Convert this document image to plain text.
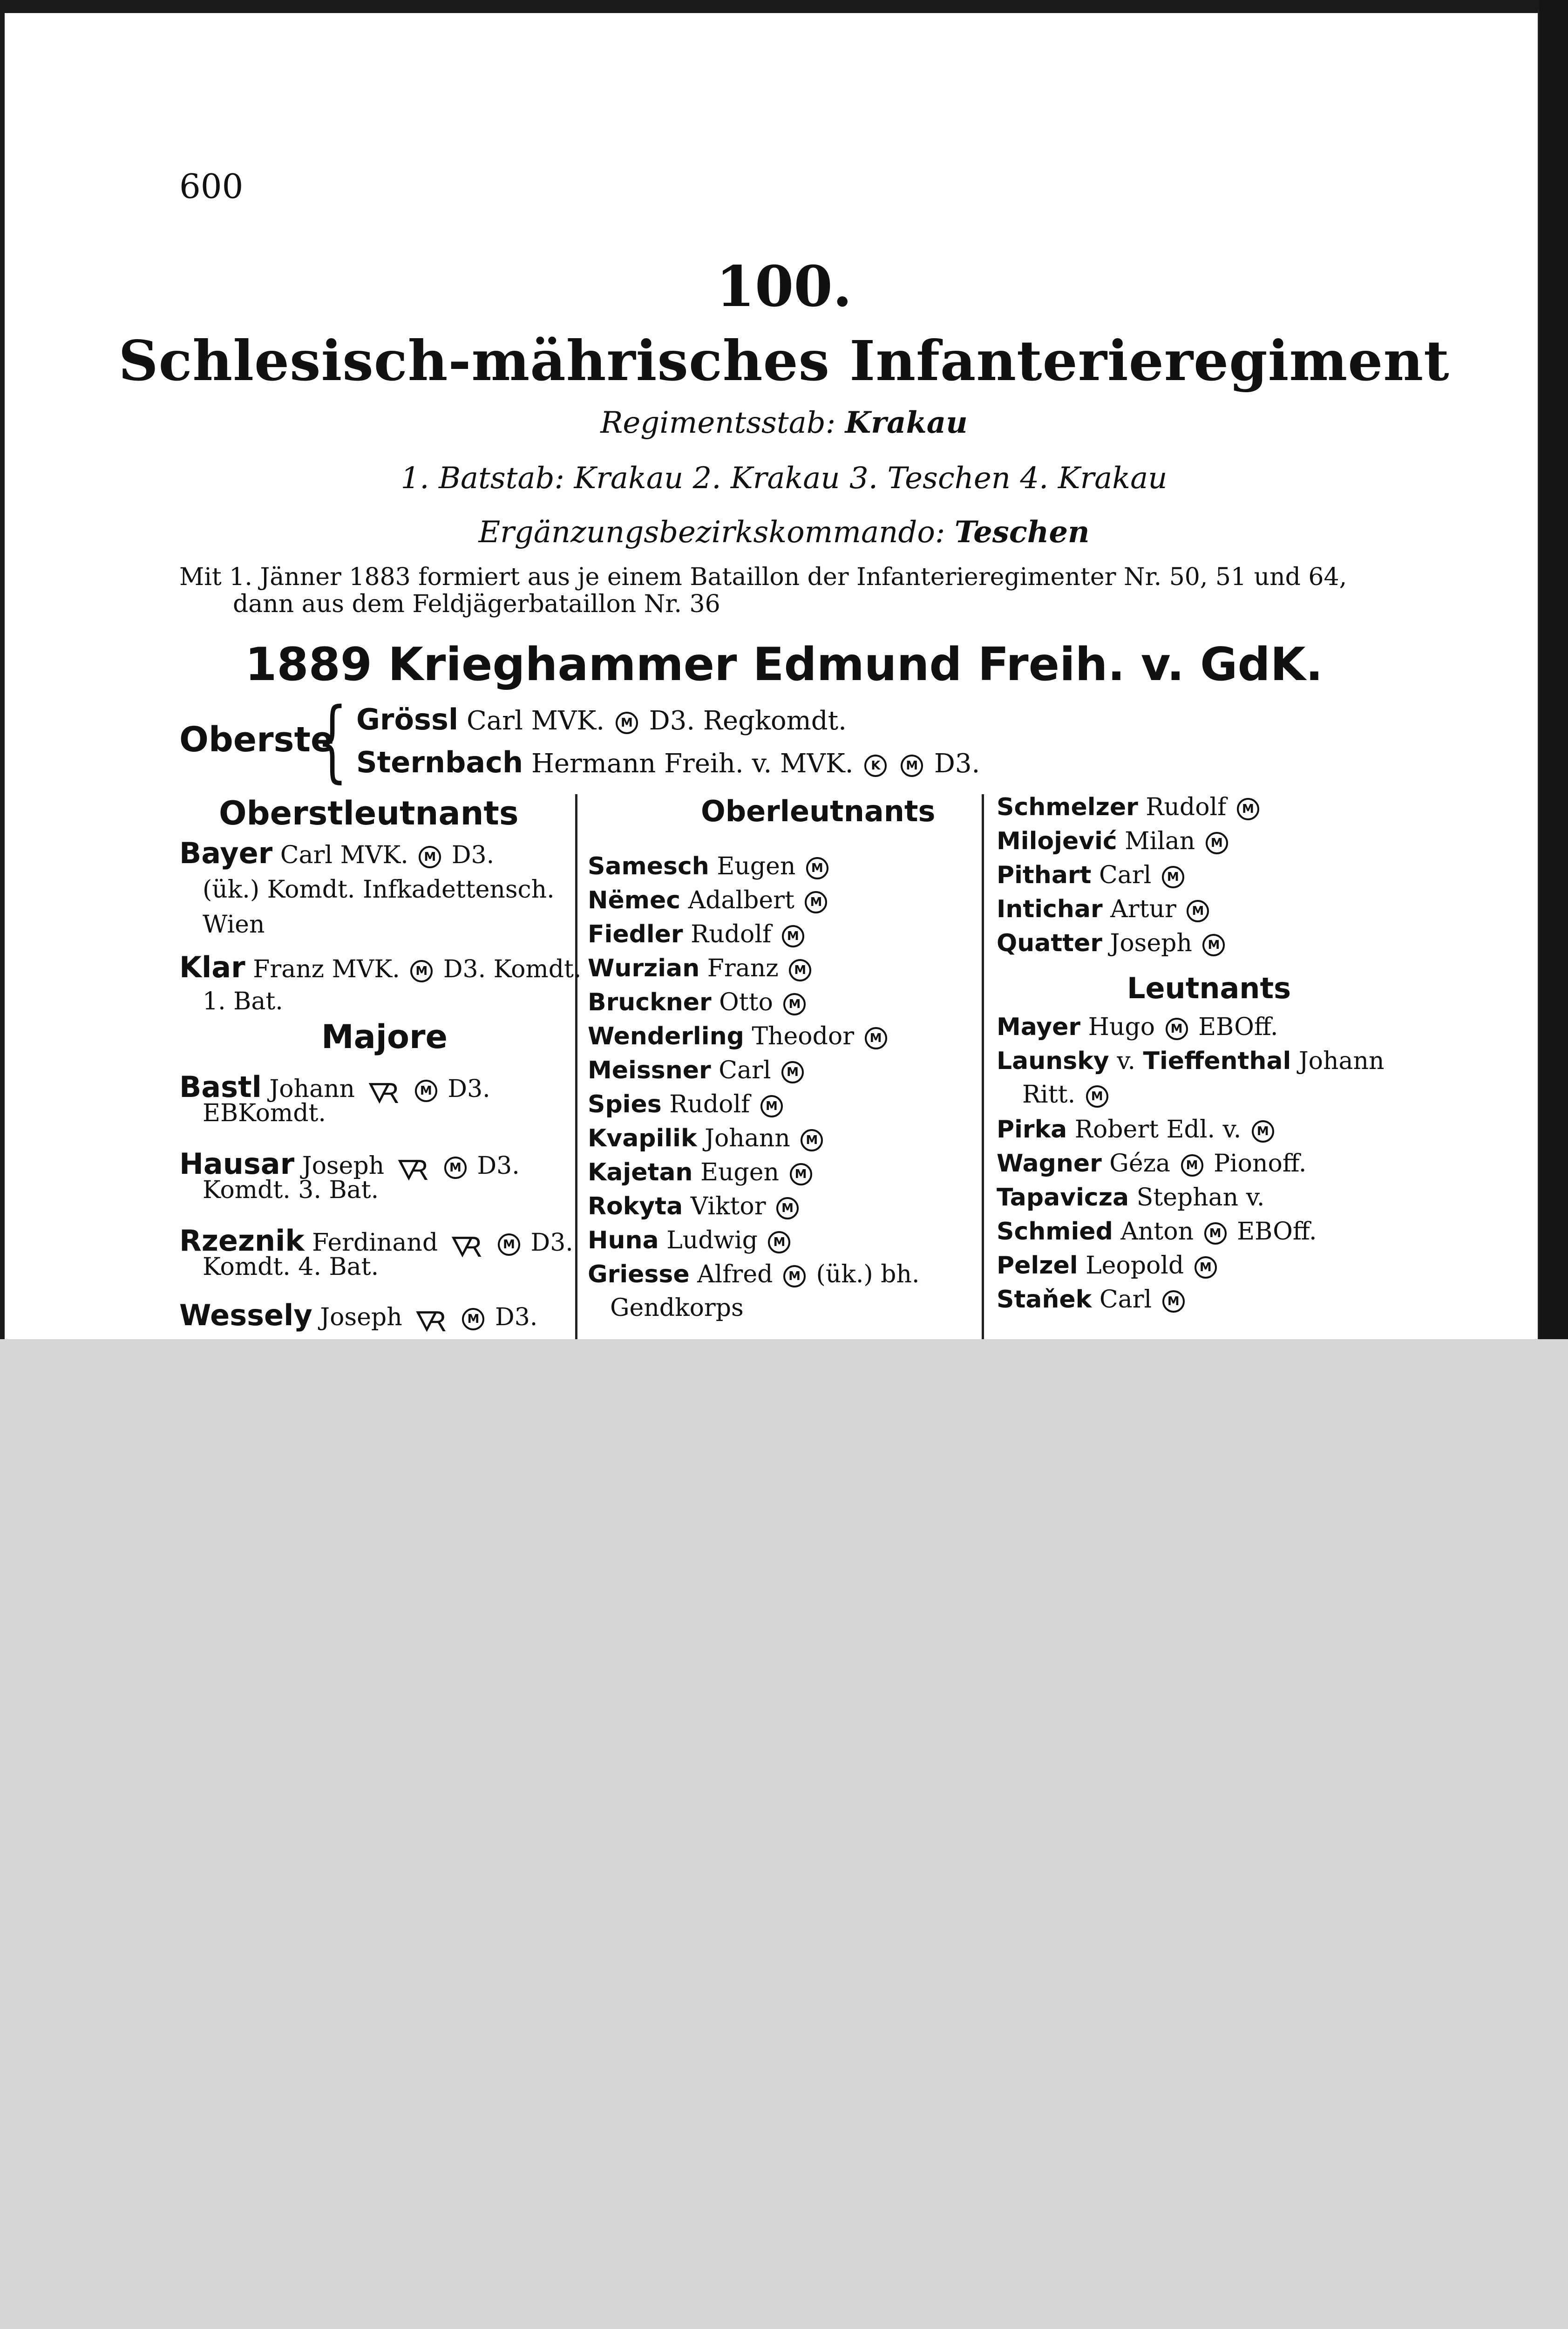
600
100.
Schlesisch-mährisches Infanterieregiment
Regimentsstab: Krakau
1. Batstab: Krakau 2. Krakau 3. Teschen 4. Krakau
Ergänzungsbezirkskommando: Teschen
Mit 1. Jänner 1883 formiert aus je einem Bataillon der Infanterieregimenter Nr. 50, 51 und 64,
dann aus dem Feldjägerbataillon Nr. 36
1889 Krieghammer Edmund Freih. v. GdK.
Oberste
{ Grössl Carl MVK. M D3. Regkomdt.
Sternbach Hermann Freih. v. MVK. K M D3.
Oberstleutnants
Bayer Carl MVK. M D3.
(ük.) Komdt. Infkadettensch.
Wien
Klar Franz MVK. M D3. Komdt.
1. Bat.
Majore
Bastl Johann 🜆 M D3.
EBKomdt.
Hausar Joseph 🜆 M D3.
Komdt. 3. Bat.
Rzeznik Ferdinand 🜆 M D3.
Komdt. 4. Bat.
Wessely Joseph 🜆 M D3.
Oberleutnants
Samesch Eugen M
Nëmec Adalbert M
Fiedler Rudolf M
Wurzian Franz M
Bruckner Otto M
Wenderling Theodor M
Meissner Carl M
Spies Rudolf M
Kvapilik Johann M
Kajetan Eugen M
Rokyta Viktor M
Huna Ludwig M
Griesse Alfred M (ük.) bh.
Gendkorps
Schmelzer Rudolf M
Milojević Milan M
Pithart Carl M
Intichar Artur M
Quatter Joseph M
Leutnants
Mayer Hugo M EBOff.
Launsky v. Tieffenthal Johann
Ritt. M
Pirka Robert Edl. v. M
Wagner Géza M Pionoff.
Tapavicza Stephan v.
Schmied Anton M EBOff.
Pelzel Leopold M
Staňek Carl M
